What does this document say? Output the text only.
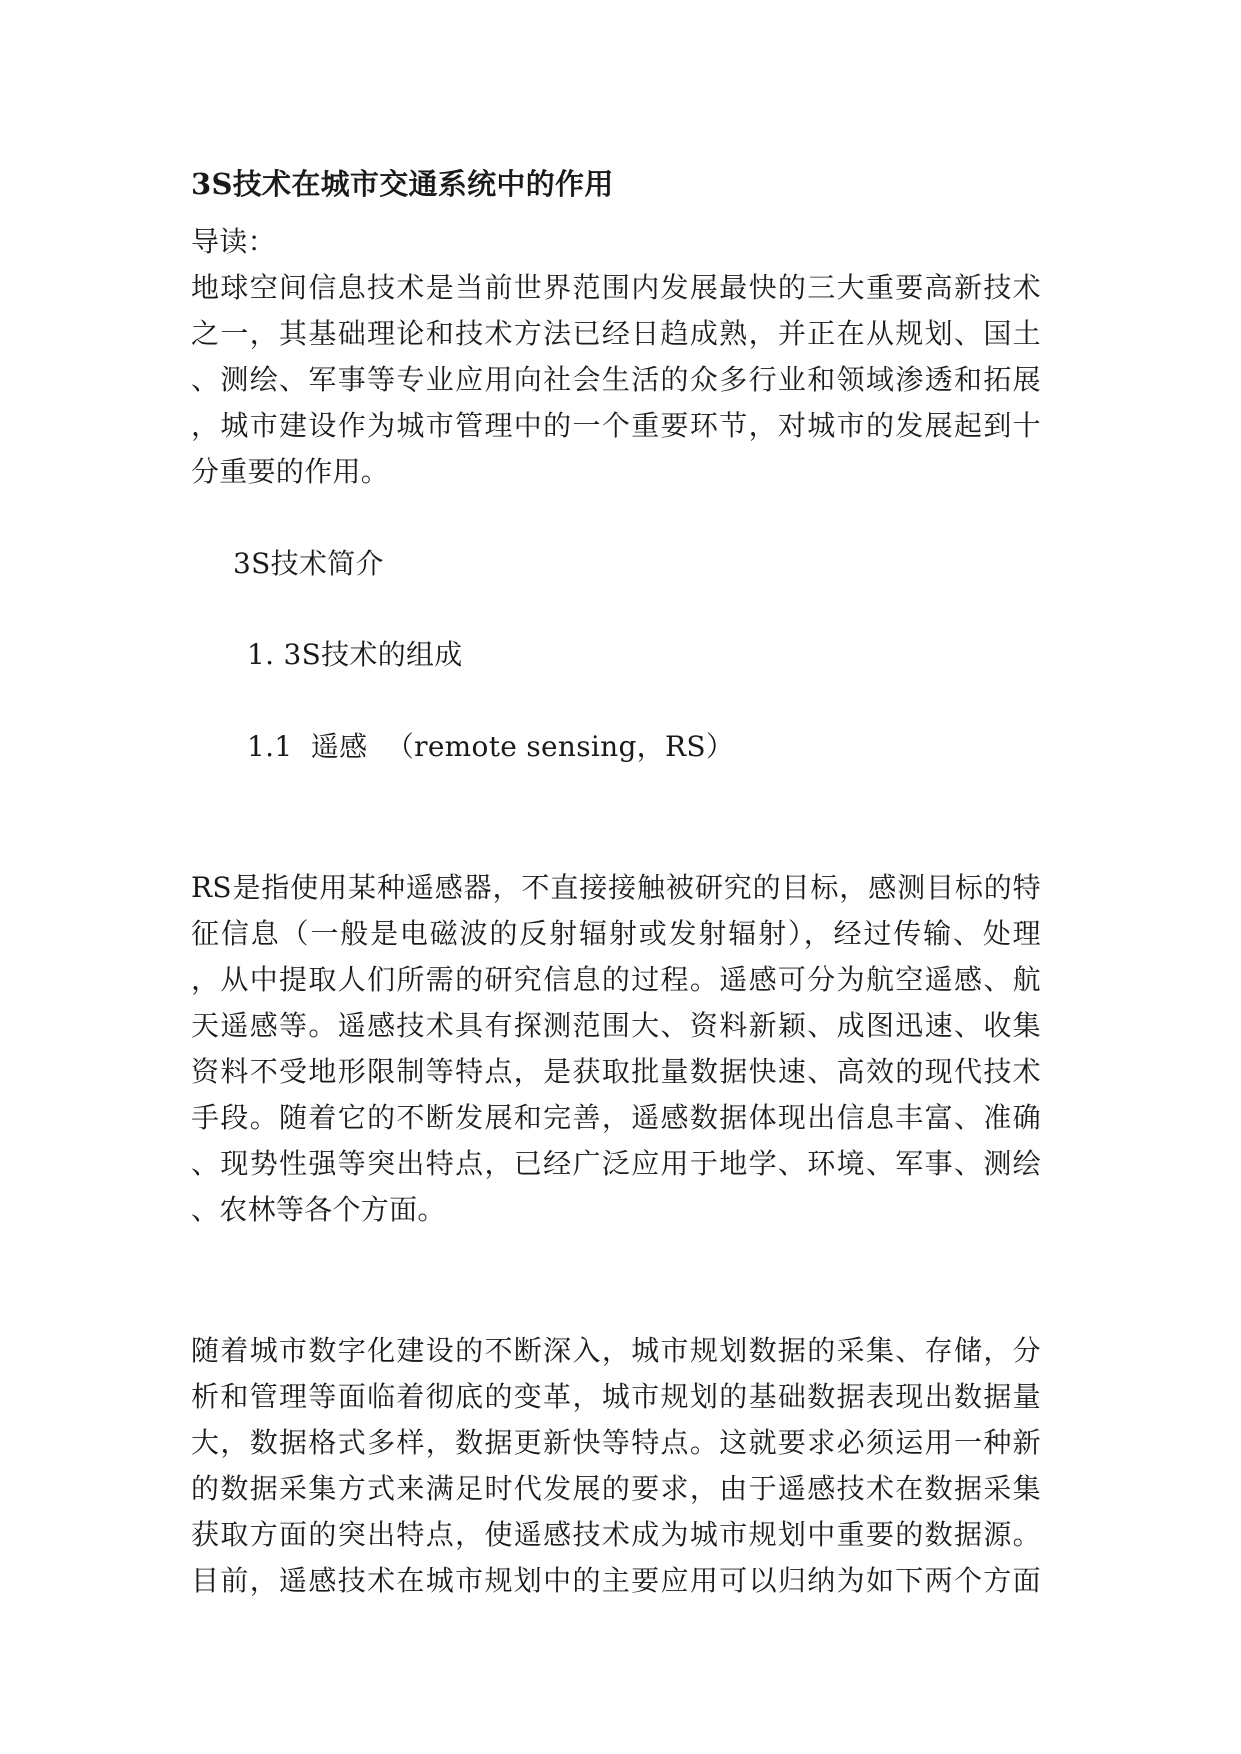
3S技术在城市交通系统中的作用
导读：
地球空间信息技术是当前世界范围内发展最快的三大重要高新技术
之一，其基础理论和技术方法已经日趋成熟，并正在从规划、国土
、测绘、军事等专业应用向社会生活的众多行业和领域渗透和拓展
，城市建设作为城市管理中的一个重要环节，对城市的发展起到十
分重要的作用。
3S技术简介
1. 3S技术的组成
1.1  遥感  （remote sensing，RS）
RS是指使用某种遥感器，不直接接触被研究的目标，感测目标的特
征信息（一般是电磁波的反射辐射或发射辐射），经过传输、处理
，从中提取人们所需的研究信息的过程。遥感可分为航空遥感、航
天遥感等。遥感技术具有探测范围大、资料新颖、成图迅速、收集
资料不受地形限制等特点，是获取批量数据快速、高效的现代技术
手段。随着它的不断发展和完善，遥感数据体现出信息丰富、准确
、现势性强等突出特点，已经广泛应用于地学、环境、军事、测绘
、农林等各个方面。
随着城市数字化建设的不断深入，城市规划数据的采集、存储，分
析和管理等面临着彻底的变革，城市规划的基础数据表现出数据量
大，数据格式多样，数据更新快等特点。这就要求必须运用一种新
的数据采集方式来满足时代发展的要求，由于遥感技术在数据采集
获取方面的突出特点，使遥感技术成为城市规划中重要的数据源。
目前，遥感技术在城市规划中的主要应用可以归纳为如下两个方面
